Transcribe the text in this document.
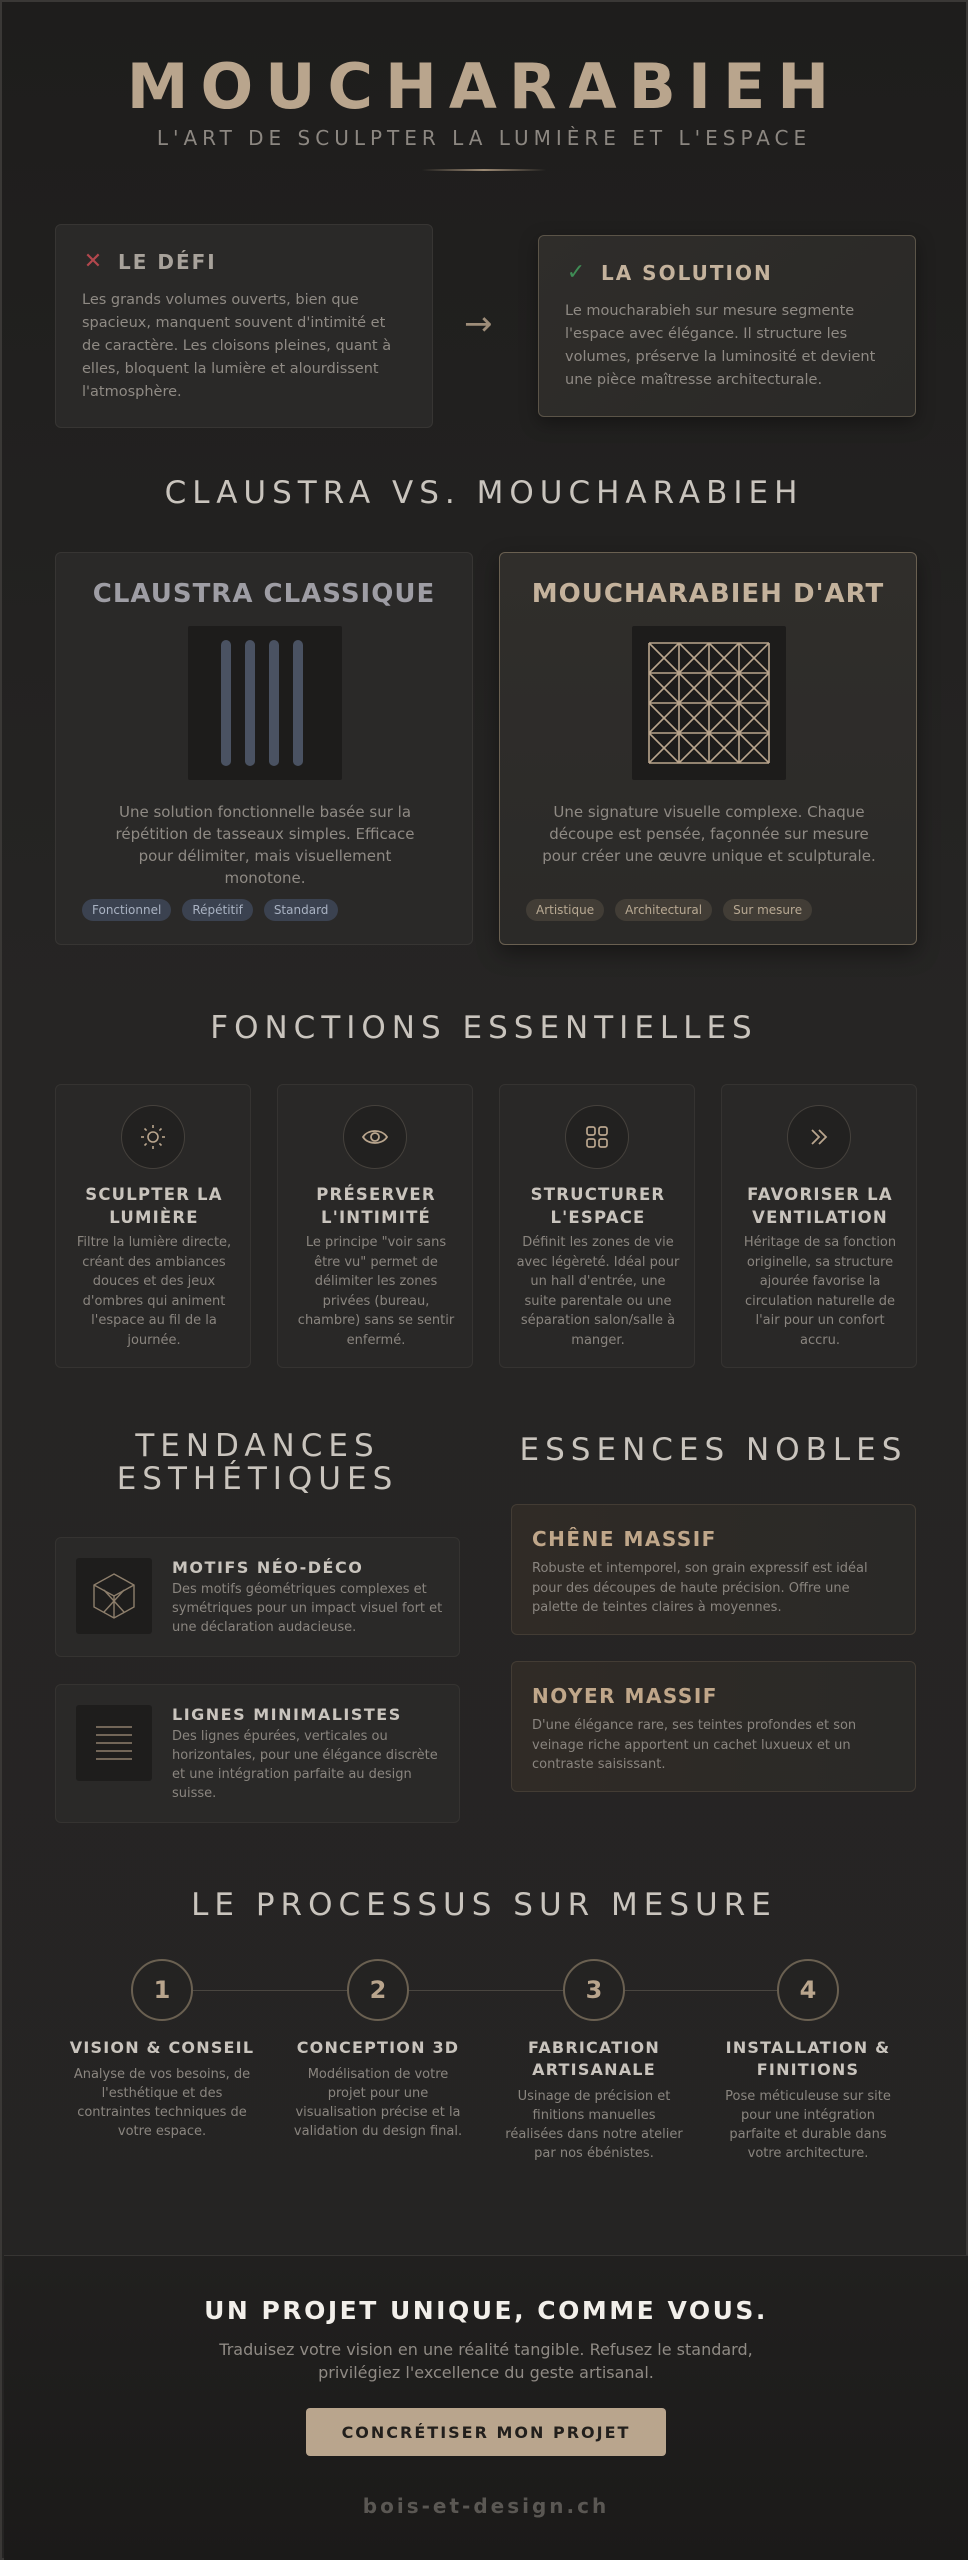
MOUCHARABIEH
L'ART DE SCULPTER LA LUMIÈRE ET L'ESPACE
✕ LE DÉFI

Les grands volumes ouverts, bien que spacieux, manquent souvent d'intimité et de caractère. Les cloisons pleines, quant à elles, bloquent la lumière et alourdissent l'atmosphère.

→
✓ LA SOLUTION

Le moucharabieh sur mesure segmente l'espace avec élégance. Il structure les volumes, préserve la luminosité et devient une pièce maîtresse architecturale.

CLAUSTRA VS. MOUCHARABIEH
CLAUSTRA CLASSIQUE

Une solution fonctionnelle basée sur la répétition de tasseaux simples. Efficace pour délimiter, mais visuellement monotone.

Fonctionnel	Répétitif	Standard
MOUCHARABIEH D'ART

Une signature visuelle complexe. Chaque découpe est pensée, façonnée sur mesure pour créer une œuvre unique et sculpturale.

Artistique	Architectural	Sur mesure
FONCTIONS ESSENTIELLES
SCULPTER LA LUMIÈRE
Filtre la lumière directe, créant des ambiances douces et des jeux d'ombres qui animent l'espace au fil de la journée.
PRÉSERVER L'INTIMITÉ
Le principe "voir sans être vu" permet de délimiter les zones privées (bureau, chambre) sans se sentir enfermé.
STRUCTURER L'ESPACE
Définit les zones de vie avec légèreté. Idéal pour un hall d'entrée, une suite parentale ou une séparation salon/salle à manger.
FAVORISER LA VENTILATION
Héritage de sa fonction originelle, sa structure ajourée favorise la circulation naturelle de l'air pour un confort accru.
TENDANCES ESTHÉTIQUES
MOTIFS NÉO-DÉCO
Des motifs géométriques complexes et symétriques pour un impact visuel fort et une déclaration audacieuse.
LIGNES MINIMALISTES
Des lignes épurées, verticales ou horizontales, pour une élégance discrète et une intégration parfaite au design suisse.
ESSENCES NOBLES
CHÊNE MASSIF
Robuste et intemporel, son grain expressif est idéal pour des découpes de haute précision. Offre une palette de teintes claires à moyennes.
NOYER MASSIF
D'une élégance rare, ses teintes profondes et son veinage riche apportent un cachet luxueux et un contraste saisissant.
LE PROCESSUS SUR MESURE
1
VISION & CONSEIL
Analyse de vos besoins, de l'esthétique et des contraintes techniques de votre espace.
2
CONCEPTION 3D
Modélisation de votre projet pour une visualisation précise et la validation du design final.
3
FABRICATION ARTISANALE
Usinage de précision et finitions manuelles réalisées dans notre atelier par nos ébénistes.
4
INSTALLATION & FINITIONS
Pose méticuleuse sur site pour une intégration parfaite et durable dans votre architecture.
UN PROJET UNIQUE, COMME VOUS.

Traduisez votre vision en une réalité tangible. Refusez le standard, privilégiez l'excellence du geste artisanal.

CONCRÉTISER MON PROJET
bois-et-design.ch
